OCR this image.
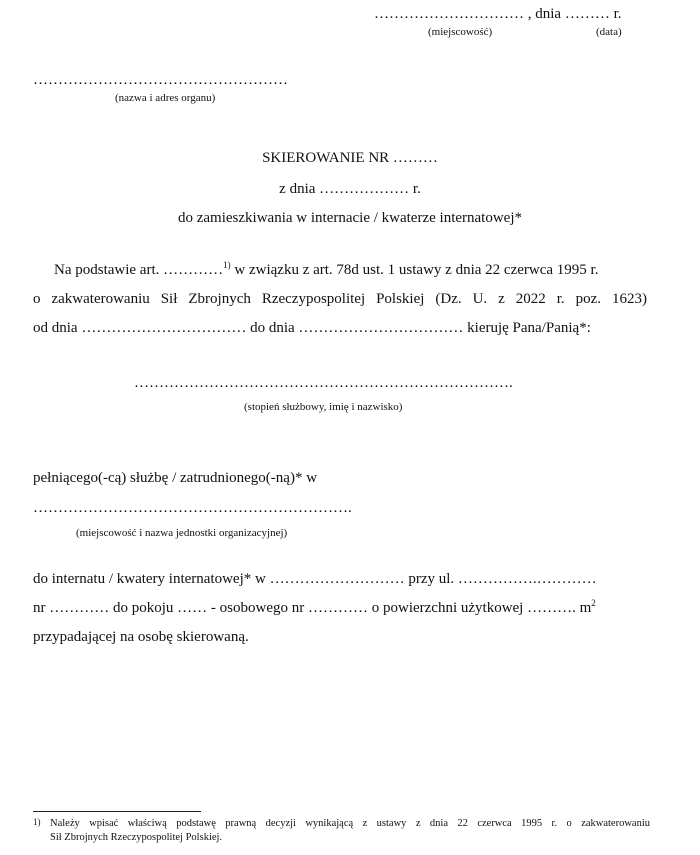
………………………… , dnia ……… r.
(miejscowość)	(data)
……………………………………………
(nazwa i adres organu)
SKIEROWANIE NR ………
z dnia ……………… r.
do zamieszkiwania w internacie / kwaterze internatowej*
Na podstawie art. …………$^{1)}$ w związku z art. 78d ust. 1 ustawy z dnia 22 czerwca 1995 r.
o zakwaterowaniu Sił Zbrojnych Rzeczypospolitej Polskiej (Dz. U. z 2022 r. poz. 1623)
od dnia …………………………… do dnia …………………………… kieruję Pana/Panią*:
………………………………………………………………….
(stopień służbowy, imię i nazwisko)
pełniącego(-cą) służbę / zatrudnionego(-ną)* w
……………………………………………………….
(miejscowość i nazwa jednostki organizacyjnej)
do internatu / kwatery internatowej* w ……………………… przy ul. …………….…………
nr ………… do pokoju …… - osobowego nr ………… o powierzchni użytkowej ………. $m^2$
przypadającej na osobę skierowaną.
1) Należy wpisać właściwą podstawę prawną decyzji wynikającą z ustawy z dnia 22 czerwca 1995 r. o zakwaterowaniu
Sił Zbrojnych Rzeczypospolitej Polskiej.
